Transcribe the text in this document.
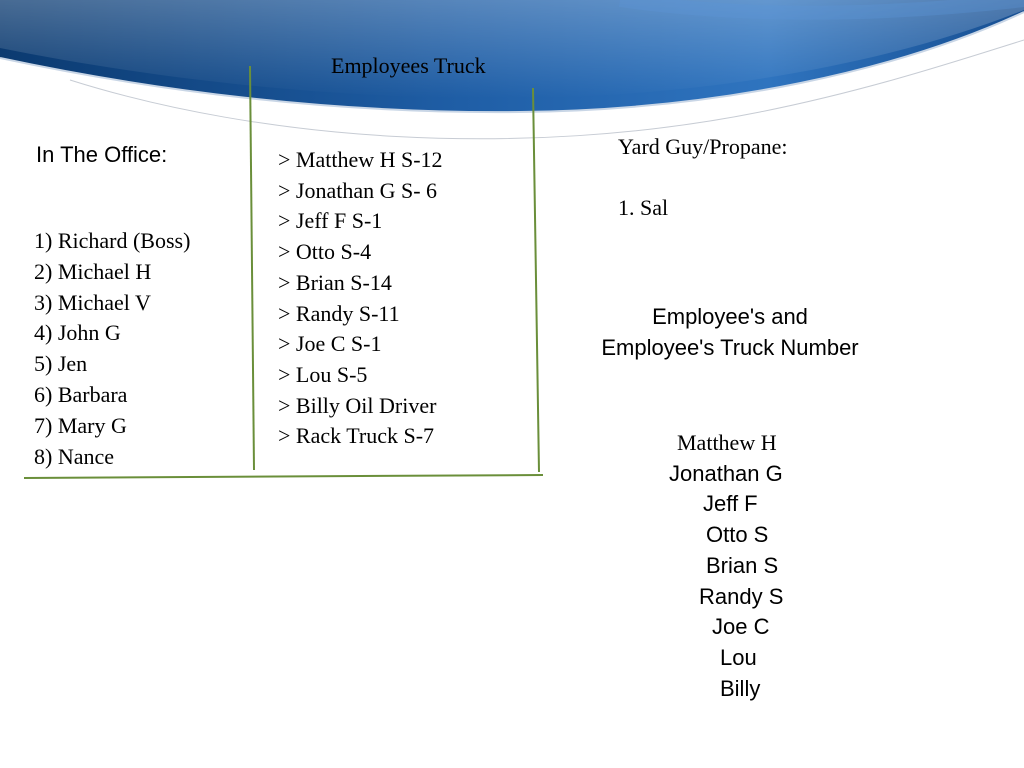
Employees Truck
In The Office:
1) Richard (Boss)
2) Michael H
3) Michael V
4) John G
5) Jen
6) Barbara
7) Mary G
8) Nance
> Matthew H S-12
> Jonathan G S- 6
> Jeff F S-1
> Otto S-4
> Brian S-14
> Randy S-11
> Joe C S-1
> Lou S-5
> Billy Oil Driver
> Rack Truck S-7
Yard Guy/Propane:
1. Sal
Employee's and Employee's Truck Number
Matthew H
Jonathan G
Jeff F
Otto S
Brian S
Randy S
Joe C
Lou
Billy
